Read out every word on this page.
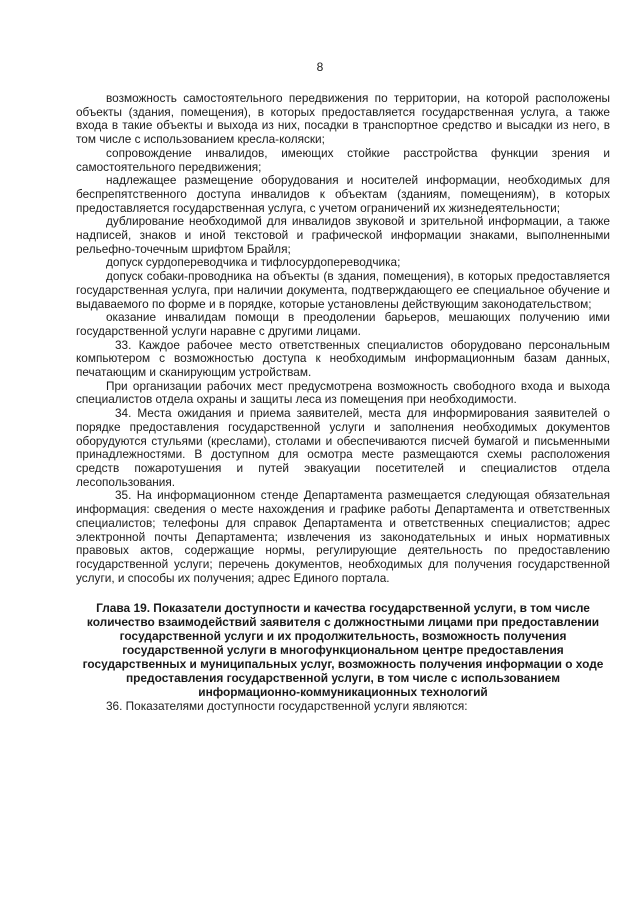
8

возможность самостоятельного передвижения по территории, на которой расположены объекты (здания, помещения), в которых предоставляется государственная услуга, а также входа в такие объекты и выхода из них, посадки в транспортное средство и высадки из него, в том числе с использованием кресла-коляски;

сопровождение инвалидов, имеющих стойкие расстройства функции зрения и самостоятельного передвижения;

надлежащее размещение оборудования и носителей информации, необходимых для беспрепятственного доступа инвалидов к объектам (зданиям, помещениям), в которых предоставляется государственная услуга, с учетом ограничений их жизнедеятельности;

дублирование необходимой для инвалидов звуковой и зрительной информации, а также надписей, знаков и иной текстовой и графической информации знаками, выполненными рельефно-точечным шрифтом Брайля;

допуск сурдопереводчика и тифлосурдопереводчика;

допуск собаки-проводника на объекты (в здания, помещения), в которых предоставляется государственная услуга, при наличии документа, подтверждающего ее специальное обучение и выдаваемого по форме и в порядке, которые установлены действующим законодательством;

оказание инвалидам помощи в преодолении барьеров, мешающих получению ими государственной услуги наравне с другими лицами.

33. Каждое рабочее место ответственных специалистов оборудовано персональным компьютером с возможностью доступа к необходимым информационным базам данных, печатающим и сканирующим устройствам.

При организации рабочих мест предусмотрена возможность свободного входа и выхода специалистов отдела охраны и защиты леса из помещения при необходимости.

34. Места ожидания и приема заявителей, места для информирования заявителей о порядке предоставления государственной услуги и заполнения необходимых документов оборудуются стульями (креслами), столами и обеспечиваются писчей бумагой и письменными принадлежностями. В доступном для осмотра месте размещаются схемы расположения средств пожаротушения и путей эвакуации посетителей и специалистов отдела лесопользования.

35. На информационном стенде Департамента размещается следующая обязательная информация: сведения о месте нахождения и графике работы Департамента и ответственных специалистов; телефоны для справок Департамента и ответственных специалистов; адрес электронной почты Департамента; извлечения из законодательных и иных нормативных правовых актов, содержащие нормы, регулирующие деятельность по предоставлению государственной услуги; перечень документов, необходимых для получения государственной услуги, и способы их получения; адрес Единого портала.

Глава 19. Показатели доступности и качества государственной услуги, в том числе количество взаимодействий заявителя с должностными лицами при предоставлении государственной услуги и их продолжительность, возможность получения государственной услуги в многофункциональном центре предоставления государственных и муниципальных услуг, возможность получения информации о ходе предоставления государственной услуги, в том числе с использованием информационно-коммуникационных технологий

36. Показателями доступности государственной услуги являются:
